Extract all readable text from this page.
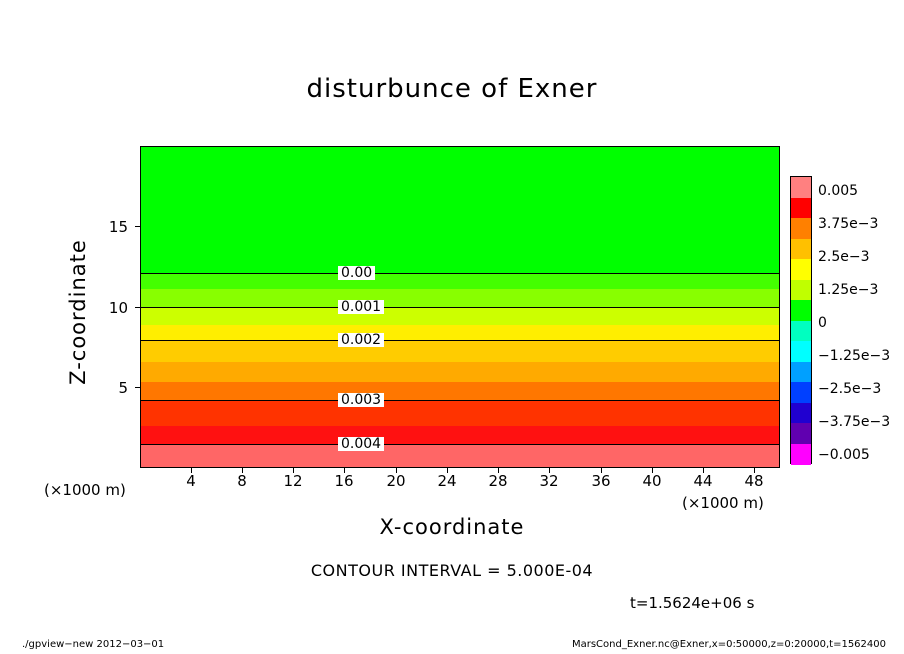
disturbunce of Exner
0.00
0.001
0.002
0.003
0.004
4	8	12	16	20	24	28	32	36	40	44	48
5
10
15
X-coordinate
Z-coordinate
(×1000 m)
(×1000 m)
0.005
3.75e−3
2.5e−3
1.25e−3
0
−1.25e−3
−2.5e−3
−3.75e−3
−0.005
CONTOUR INTERVAL = 5.000E-04
t=1.5624e+06 s
./gpview−new 2012−03−01	MarsCond_Exner.nc@Exner,x=0:50000,z=0:20000,t=1562400
